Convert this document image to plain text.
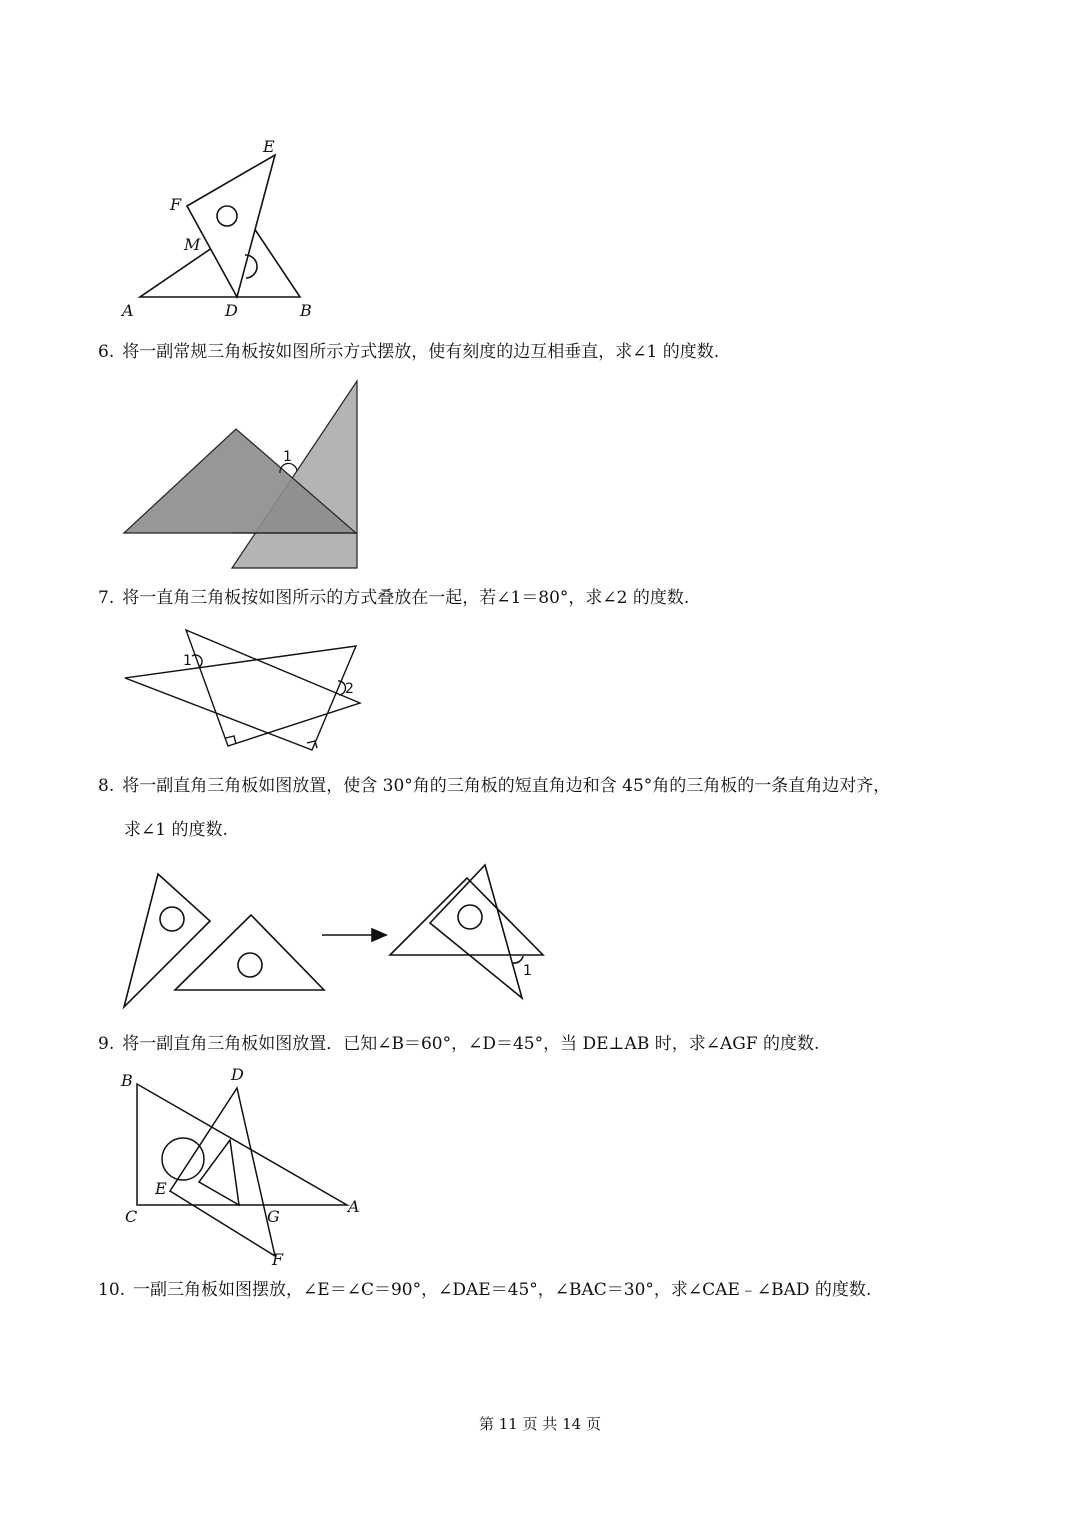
E
F
M
A	D	B
6. 将一副常规三角板按如图所示方式摆放，使有刻度的边互相垂直，求∠1 的度数.
1
7. 将一直角三角板按如图所示的方式叠放在一起，若∠1＝80°，求∠2 的度数.
1
2
8. 将一副直角三角板如图放置，使含 30°角的三角板的短直角边和含 45°角的三角板的一条直角边对齐，
求∠1 的度数.
1
9. 将一副直角三角板如图放置．已知∠B＝60°，∠D＝45°，当 DE⊥AB 时，求∠AGF 的度数.
B	D
E
C	G
A
F
10. 一副三角板如图摆放，∠E＝∠C＝90°，∠DAE＝45°，∠BAC＝30°，求∠CAE﹣∠BAD 的度数.
第 11 页 共 14 页
